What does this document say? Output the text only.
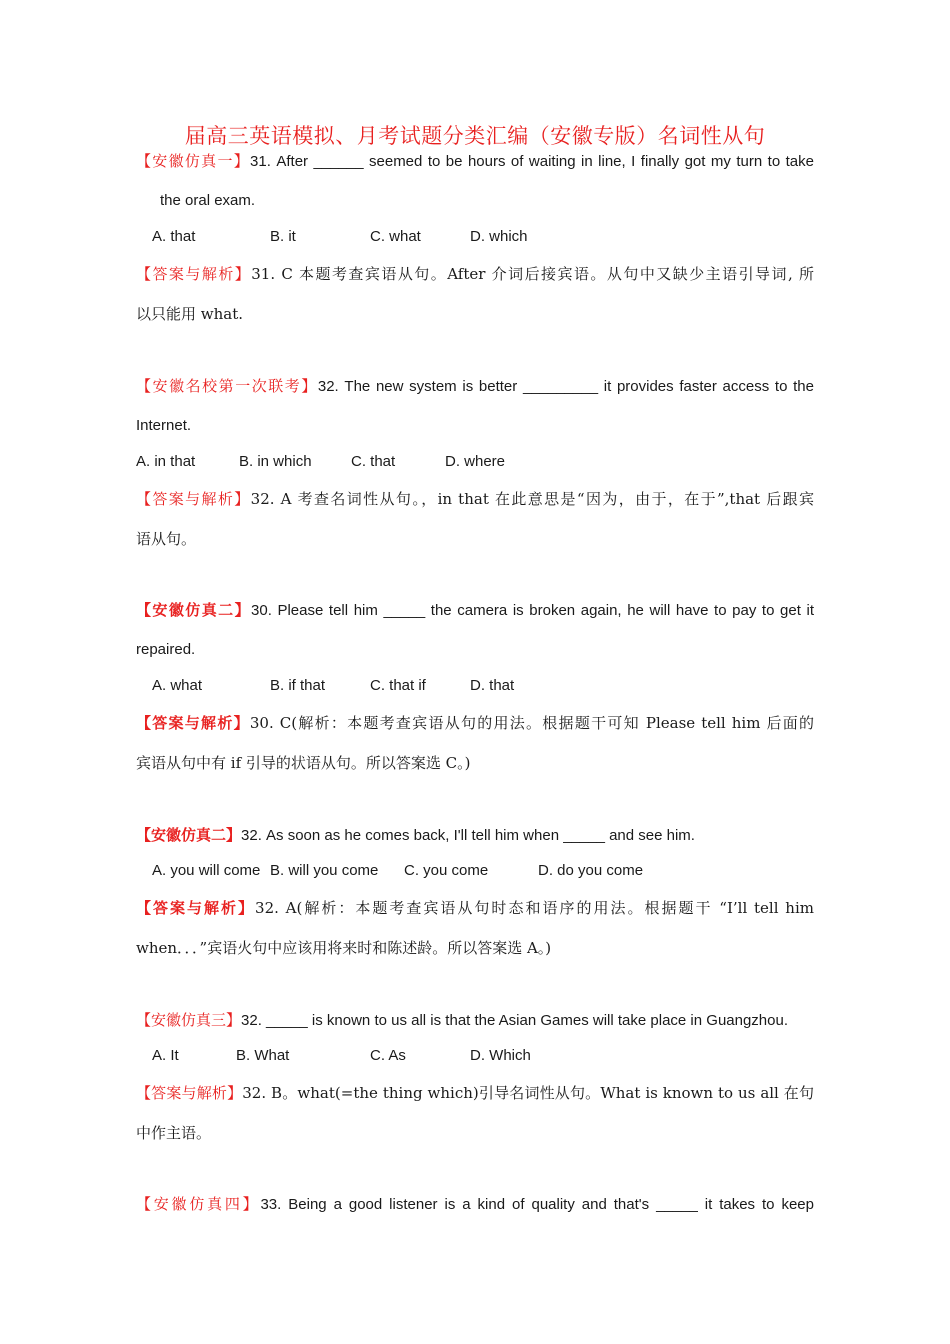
届高三英语模拟、月考试题分类汇编（安徽专版）名词性从句
【安徽仿真一】31. After ______ seemed to be hours of waiting in line, I finally got my turn to take
the oral exam.
A. that	B. it	C. what	D. which
【答案与解析】31. C 本题考查宾语从句。After 介词后接宾语。从句中又缺少主语引导词, 所
以只能用 what.
【安徽名校第一次联考】32. The new system is better _________ it provides faster access to the
Internet.
A. in that	B. in which	C. that	D. where
【答案与解析】32. A 考查名词性从句。，in that 在此意思是“因为，由于，在于”,that 后跟宾
语从句。
【安徽仿真二】30. Please tell him _____ the camera is broken again, he will have to pay to get it
repaired.
A. what	B. if that	C. that if	D. that
【答案与解析】30. C(解析：本题考查宾语从句的用法。根据题干可知 Please tell him 后面的
宾语从句中有 if 引导的状语从句。所以答案选 C。)
【安徽仿真二】32. As soon as he comes back, I'll tell him when _____ and see him.
A. you will come B. will you come C. you come	D. do you come
【答案与解析】32. A(解析：本题考查宾语从句时态和语序的用法。根据题干 “I’ll tell him
when．．．”宾语火句中应该用将来时和陈述龄。所以答案选 A。)
【安徽仿真三】32. _____ is known to us all is that the Asian Games will take place in Guangzhou.
A. It	B. What	C. As	D. Which
【答案与解析】32. B。what(=the thing which)引导名词性从句。What is known to us all 在句
中作主语。
【安徽仿真四】33. Being a good listener is a kind of quality and that's _____ it takes to keep
